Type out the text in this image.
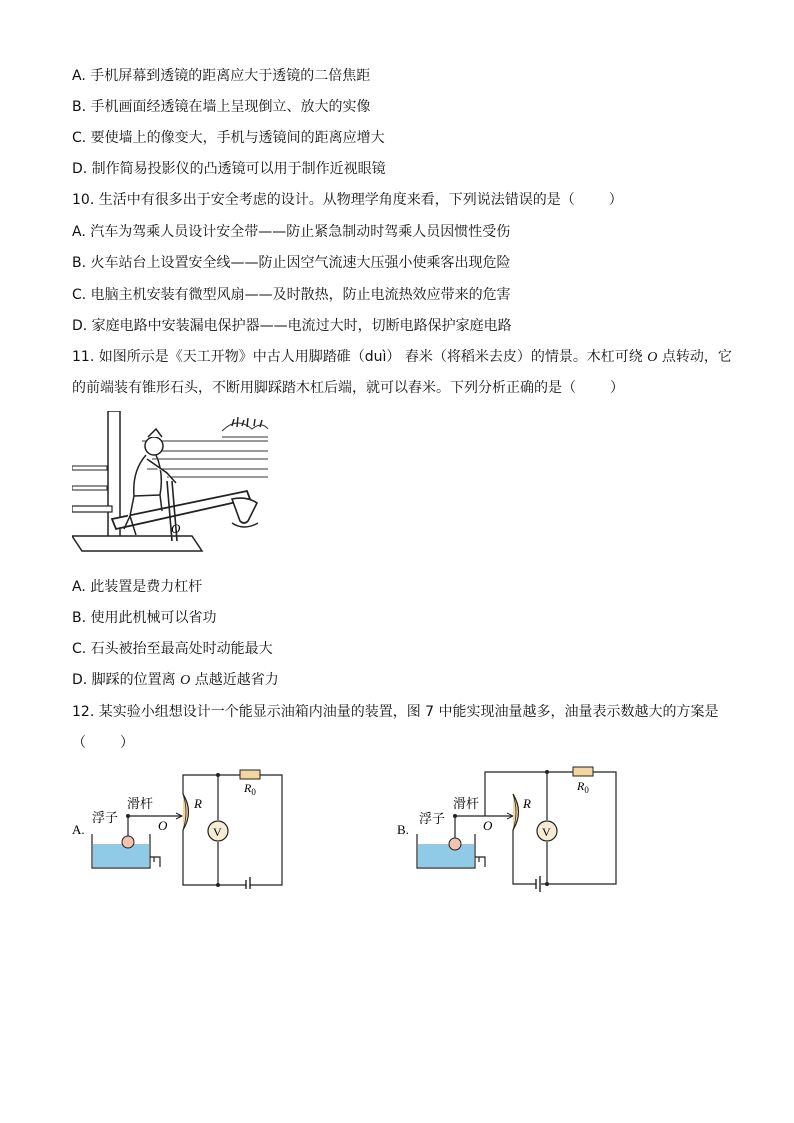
A. 手机屏幕到透镜的距离应大于透镜的二倍焦距
B. 手机画面经透镜在墙上呈现倒立、放大的实像
C. 要使墙上的像变大，手机与透镜间的距离应增大
D. 制作简易投影仪的凸透镜可以用于制作近视眼镜
10. 生活中有很多出于安全考虑的设计。从物理学角度来看，下列说法错误的是（ ）
A. 汽车为驾乘人员设计安全带——防止紧急制动时驾乘人员因惯性受伤
B. 火车站台上设置安全线——防止因空气流速大压强小使乘客出现危险
C. 电脑主机安装有微型风扇——及时散热，防止电流热效应带来的危害
D. 家庭电路中安装漏电保护器——电流过大时，切断电路保护家庭电路
11. 如图所示是《天工开物》中古人用脚踏碓（duì） 舂米（将稻米去皮）的情景。木杠可绕 O 点转动，它
的前端装有锥形石头，不断用脚踩踏木杠后端，就可以舂米。下列分析正确的是（ ）
O
A. 此装置是费力杠杆
B. 使用此机械可以省功
C. 石头被抬至最高处时动能最大
D. 脚踩的位置离 O 点越近越省力
12. 某实验小组想设计一个能显示油箱内油量的装置，图 7 中能实现油量越多，油量表示数越大的方案是
（ ）
A.
浮子
滑杆
O
R
$R_0$
V	B.
浮子
滑杆
O
R
$R_0$
V
